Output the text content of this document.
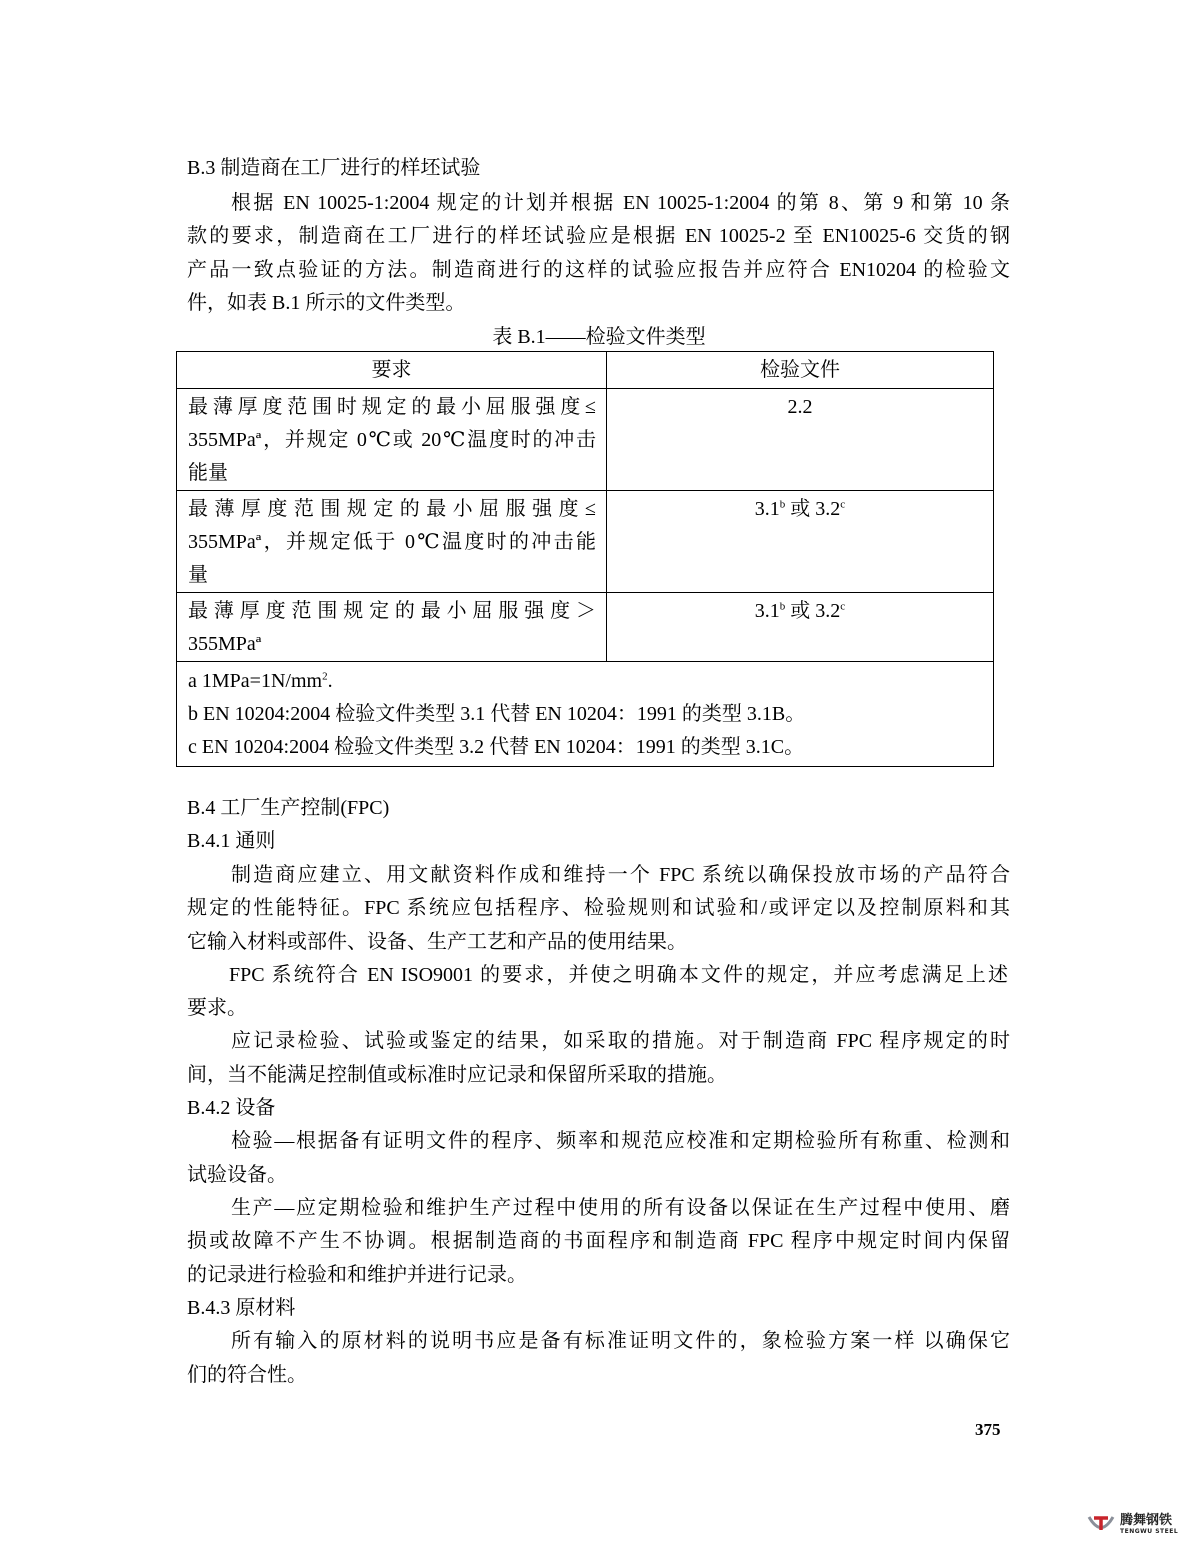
B.3 制造商在工厂进行的样坯试验
根据 EN 10025-1:2004 规定的计划并根据 EN 10025-1:2004 的第 8、第 9 和第 10 条
款的要求，制造商在工厂进行的样坯试验应是根据 EN 10025-2 至 EN10025-6 交货的钢
产品一致点验证的方法。制造商进行的这样的试验应报告并应符合 EN10204 的检验文
件，如表 B.1 所示的文件类型。
表 B.1——检验文件类型
要求	检验文件

最薄厚度范围时规定的最小屈服强度≤
355MPaª，并规定 0℃或 20℃温度时的冲击
能量	2.2

最薄厚度范围规定的最小屈服强度≤
355MPaª，并规定低于 0℃温度时的冲击能
量	3.1$^b$ 或 3.2$^c$

最薄厚度范围规定的最小屈服强度＞
355MPaª	3.1$^b$ 或 3.2$^c$

a $1MPa=1N/mm^2$.
b EN 10204:2004 检验文件类型 3.1 代替 EN 10204：1991 的类型 3.1B。
c EN 10204:2004 检验文件类型 3.2 代替 EN 10204：1991 的类型 3.1C。	
B.4 工厂生产控制(FPC)
B.4.1 通则
制造商应建立、用文献资料作成和维持一个 FPC 系统以确保投放市场的产品符合
规定的性能特征。FPC 系统应包括程序、检验规则和试验和/或评定以及控制原料和其
它输入材料或部件、设备、生产工艺和产品的使用结果。
FPC 系统符合 EN ISO9001 的要求，并使之明确本文件的规定，并应考虑满足上述
要求。
应记录检验、试验或鉴定的结果，如采取的措施。对于制造商 FPC 程序规定的时
间，当不能满足控制值或标准时应记录和保留所采取的措施。
B.4.2 设备
检验—根据备有证明文件的程序、频率和规范应校准和定期检验所有称重、检测和
试验设备。
生产—应定期检验和维护生产过程中使用的所有设备以保证在生产过程中使用、磨
损或故障不产生不协调。根据制造商的书面程序和制造商 FPC 程序中规定时间内保留
的记录进行检验和和维护并进行记录。
B.4.3 原材料
所有输入的原材料的说明书应是备有标准证明文件的，象检验方案一样 以确保它
们的符合性。
375
腾舞钢铁
TENGWU STEEL
